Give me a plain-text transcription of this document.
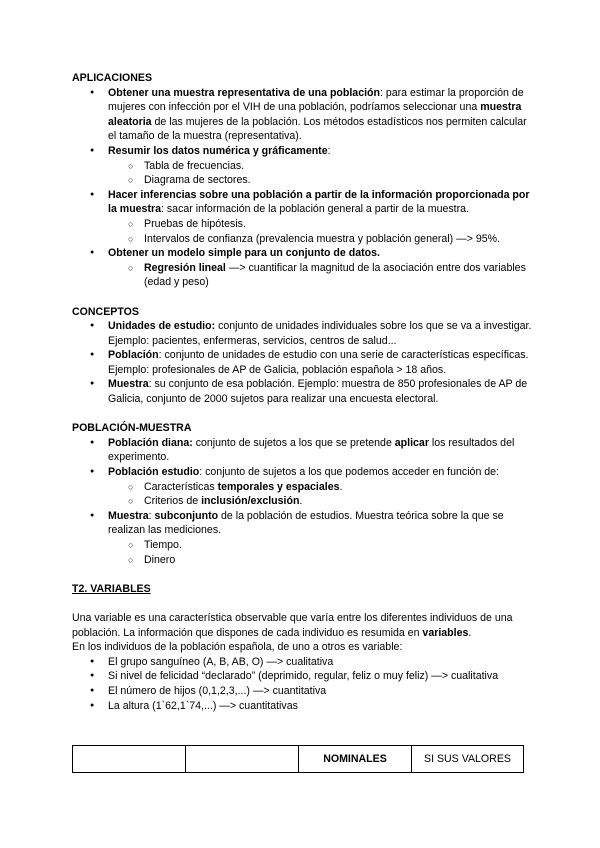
APLICACIONES

● Obtener una muestra representativa de una población: para estimar la proporción de mujeres con infección por el VIH de una población, podríamos seleccionar una muestra aleatoria de las mujeres de la población. Los métodos estadísticos nos permiten calcular el tamaño de la muestra (representativa).
● Resumir los datos numérica y gráficamente:
○ Tabla de frecuencias.
○ Diagrama de sectores.
● Hacer inferencias sobre una población a partir de la información proporcionada por la muestra: sacar información de la población general a partir de la muestra.
○ Pruebas de hipótesis.
○ Intervalos de confianza (prevalencia muestra y población general) —> 95%.
● Obtener un modelo simple para un conjunto de datos.
○ Regresión lineal —> cuantificar la magnitud de la asociación entre dos variables (edad y peso)

CONCEPTOS

● Unidades de estudio: conjunto de unidades individuales sobre los que se va a investigar. Ejemplo: pacientes, enfermeras, servicios, centros de salud...
● Población: conjunto de unidades de estudio con una serie de características específicas. Ejemplo: profesionales de AP de Galicia, población española > 18 años.
● Muestra: su conjunto de esa población. Ejemplo: muestra de 850 profesionales de AP de Galicia, conjunto de 2000 sujetos para realizar una encuesta electoral.

POBLACIÓN-MUESTRA

● Población diana: conjunto de sujetos a los que se pretende aplicar los resultados del experimento.
● Población estudio: conjunto de sujetos a los que podemos acceder en función de:
○ Características temporales y espaciales.
○ Criterios de inclusión/exclusión.
● Muestra: subconjunto de la población de estudios. Muestra teórica sobre la que se realizan las mediciones.
○ Tiempo.
○ Dinero

T2. VARIABLES

Una variable es una característica observable que varía entre los diferentes individuos de una población. La información que dispones de cada individuo es resumida en variables.

En los individuos de la población española, de uno a otros es variable:

● El grupo sanguíneo (A, B, AB, O) —> cualitativa
● Si nivel de felicidad “declarado” (deprimido, regular, feliz o muy feliz) —> cualitativa
● El número de hijos (0,1,2,3,...) —> cuantitativa
● La altura (1`62,1`74,...) —> cuantitativas
		NOMINALES	SI SUS VALORES
